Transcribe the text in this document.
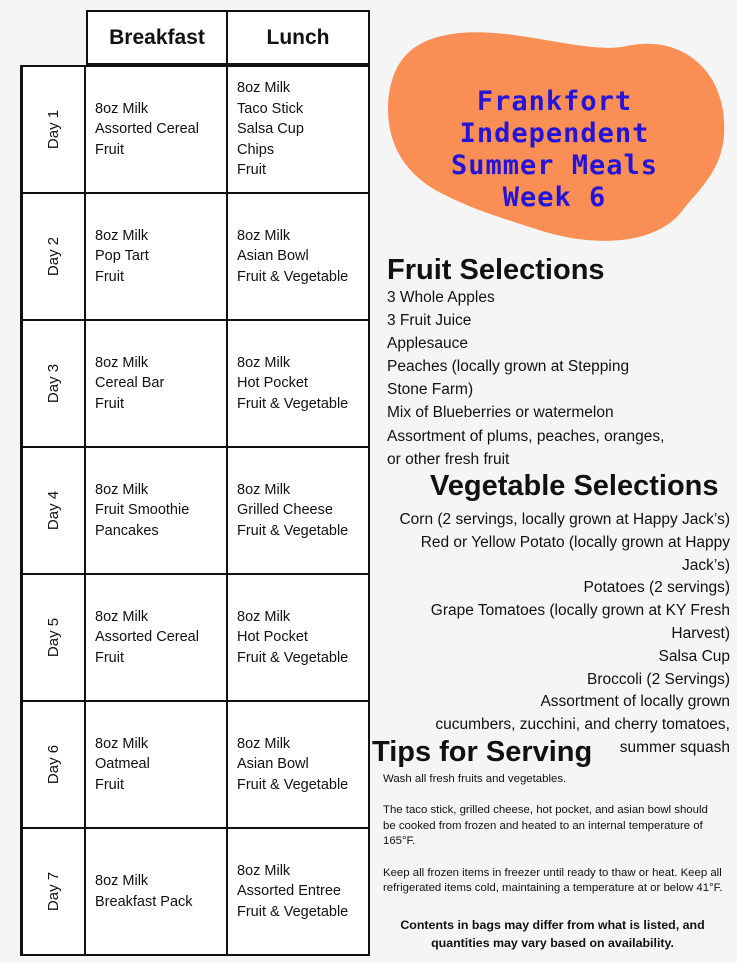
Breakfast	Lunch
Day 1
8oz Milk
Assorted Cereal
Fruit
8oz Milk
Taco Stick
Salsa Cup
Chips
Fruit
Day 2
8oz Milk
Pop Tart
Fruit
8oz Milk
Asian Bowl
Fruit & Vegetable
Day 3
8oz Milk
Cereal Bar
Fruit
8oz Milk
Hot Pocket
Fruit & Vegetable
Day 4
8oz Milk
Fruit Smoothie
Pancakes
8oz Milk
Grilled Cheese
Fruit & Vegetable
Day 5
8oz Milk
Assorted Cereal
Fruit
8oz Milk
Hot Pocket
Fruit & Vegetable
Day 6
8oz Milk
Oatmeal
Fruit
8oz Milk
Asian Bowl
Fruit & Vegetable
Day 7 8oz Milk
Breakfast Pack
8oz Milk
Assorted Entree
Fruit & Vegetable
Frankfort Independent
Summer Meals
Week 6
Fruit Selections
3 Whole Apples
3 Fruit Juice
Applesauce
Peaches (locally grown at Stepping
Stone Farm)
Mix of Blueberries or watermelon
Assortment of plums, peaches, oranges,
or other fresh fruit
Vegetable Selections
Corn (2 servings, locally grown at Happy Jack’s)
Red or Yellow Potato (locally grown at Happy
Jack’s)
Potatoes (2 servings)
Grape Tomatoes (locally grown at KY Fresh
Harvest)
Salsa Cup
Broccoli (2 Servings)
Assortment of locally grown
cucumbers, zucchini, and cherry tomatoes,
summer squash
Tips for Serving

Wash all fresh fruits and vegetables.

The taco stick, grilled cheese, hot pocket, and asian bowl should be cooked from frozen and heated to an internal temperature of 165°F.

Keep all frozen items in freezer until ready to thaw or heat. Keep all refrigerated items cold, maintaining a temperature at or below 41°F.

Contents in bags may differ from what is listed, and quantities may vary based on availability.
